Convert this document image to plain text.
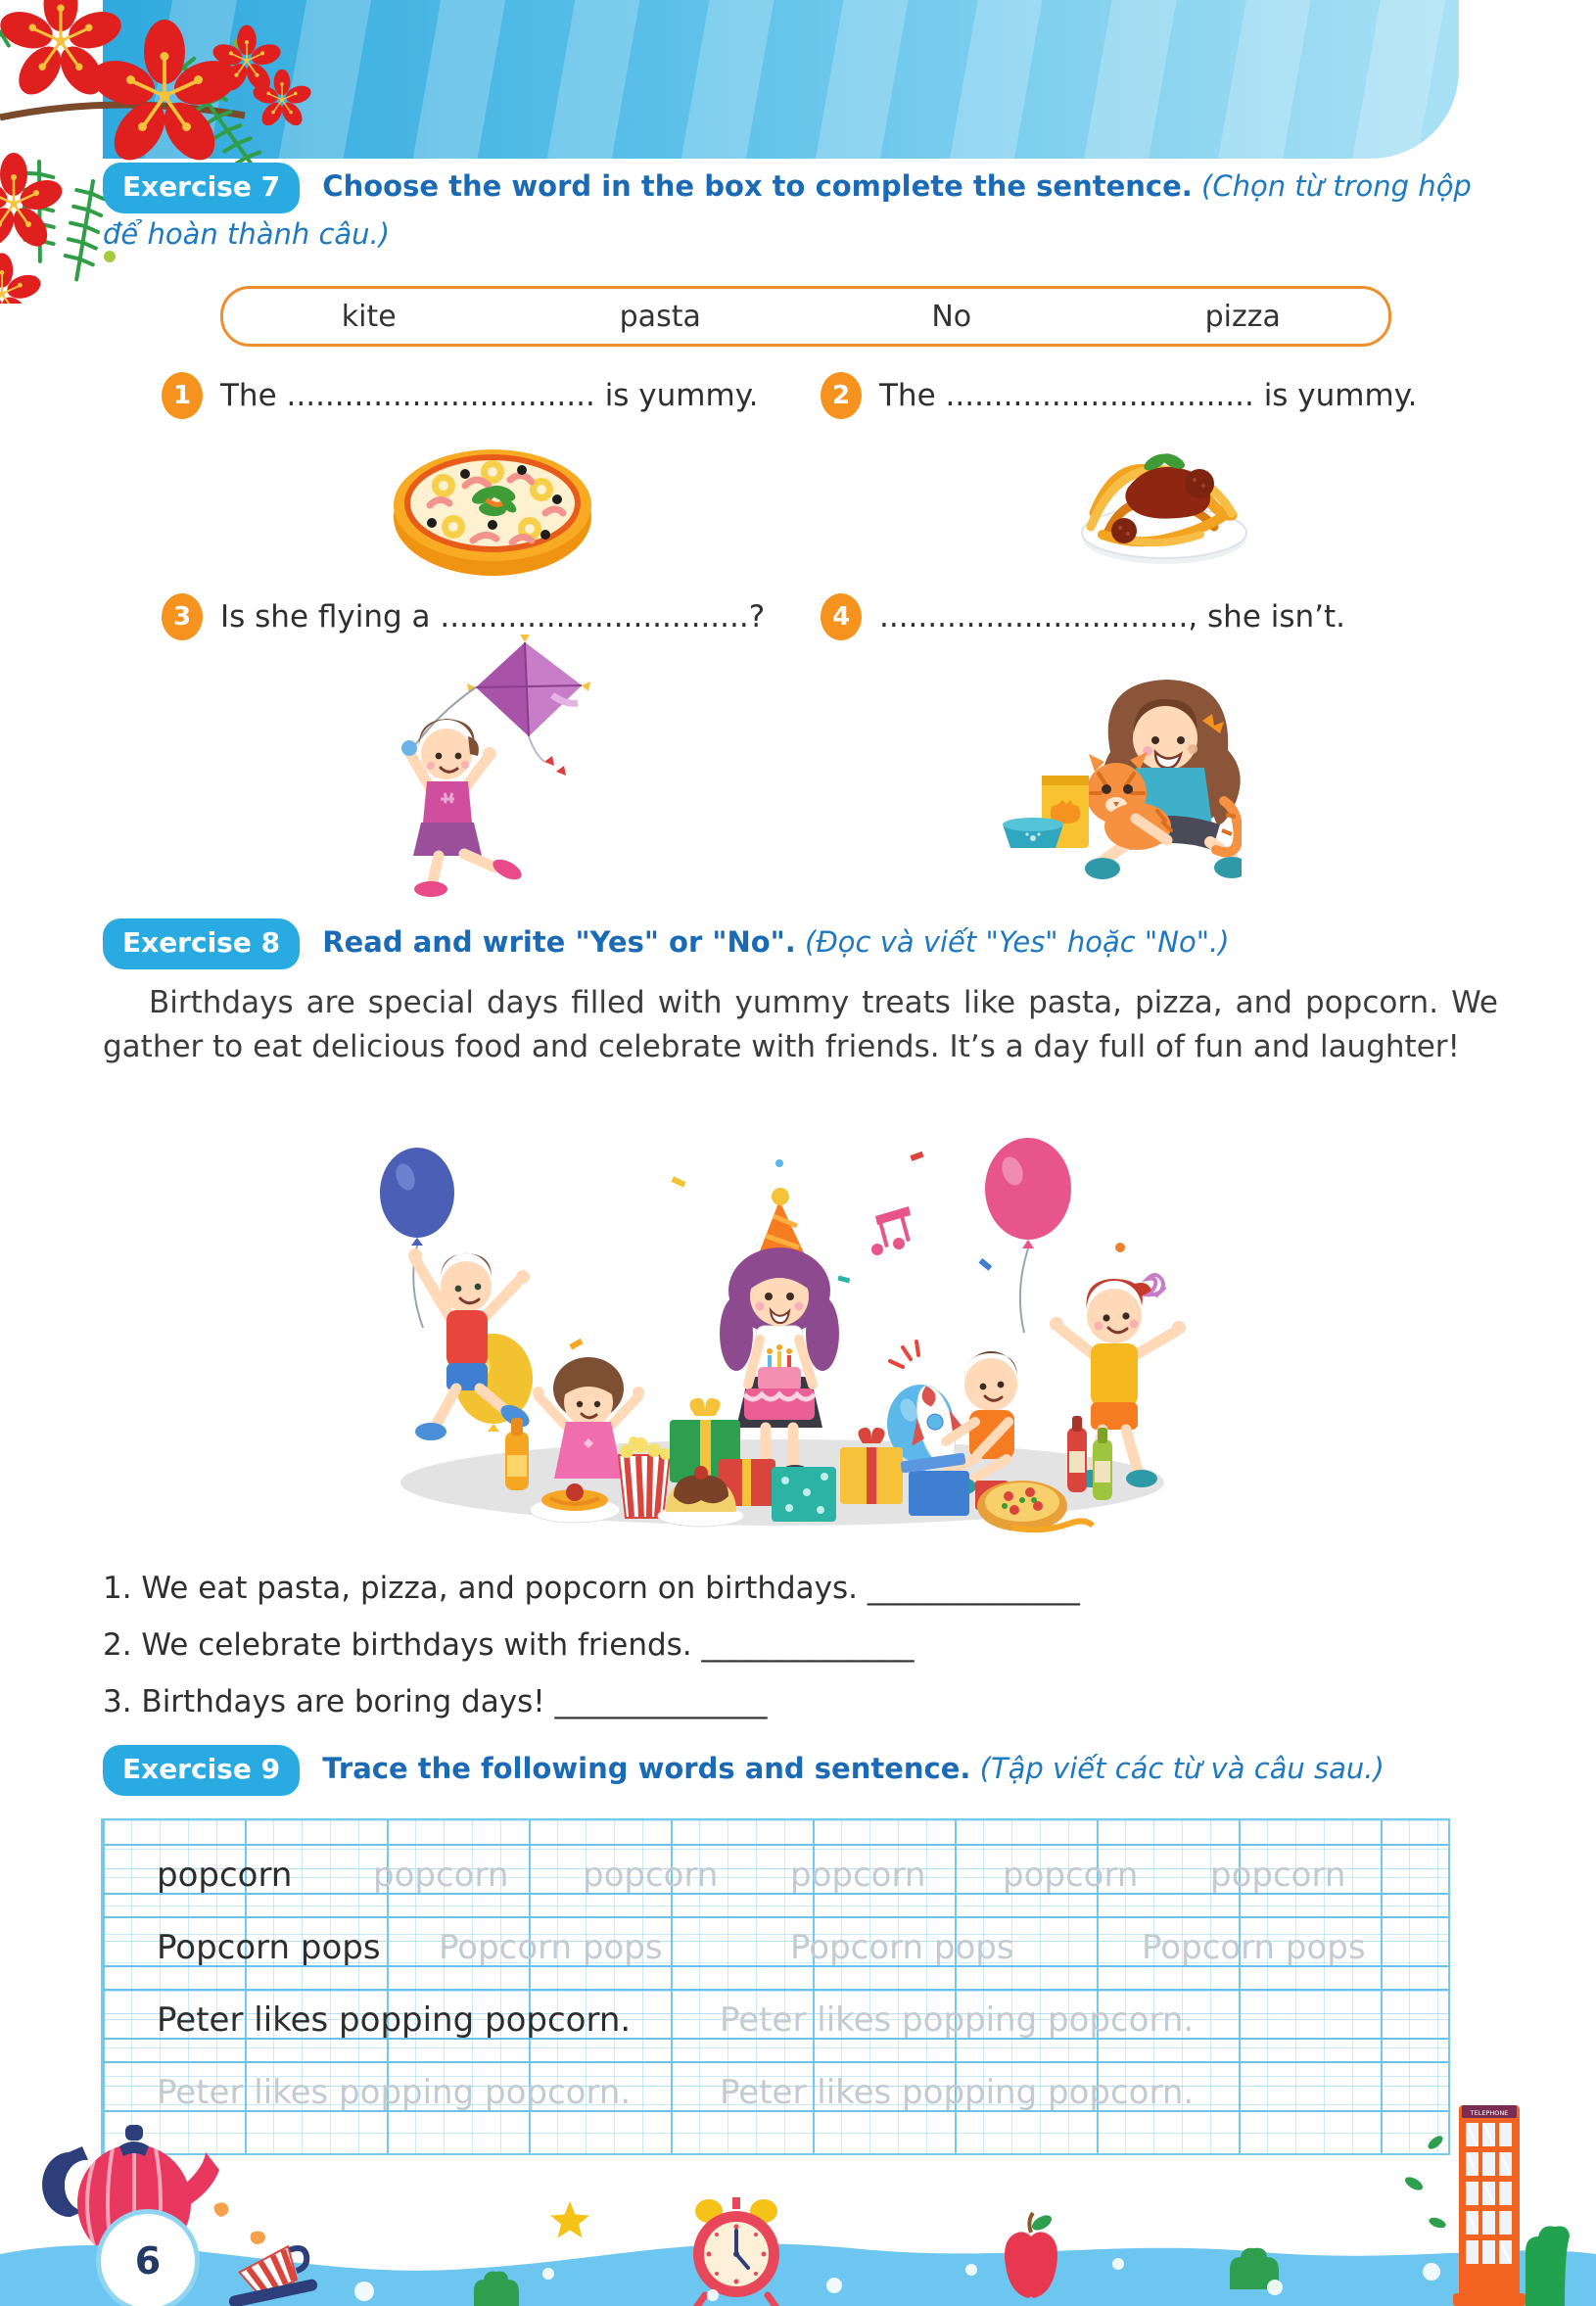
Exercise 7 Choose the word in the box to complete the sentence. (Chọn từ trong hộp để hoàn thành câu.)
kite	pasta	No	pizza
1 The ................................ is yummy.	2 The ................................ is yummy.
3 Is she flying a ................................?	4 ................................, she isn’t.
Exercise 8 Read and write "Yes" or "No". (Đọc và viết "Yes" hoặc "No".)
Birthdays are special days filled with yummy treats like pasta, pizza, and popcorn. We gather to eat delicious food and celebrate with friends. It’s a day full of fun and laughter!
1. We eat pasta, pizza, and popcorn on birthdays. ______________
2. We celebrate birthdays with friends. ______________
3. Birthdays are boring days! ______________
Exercise 9 Trace the following words and sentence. (Tập viết các từ và câu sau.)
popcorn popcorn popcorn popcorn popcorn popcorn
Popcorn pops Popcorn pops	Popcorn pops	Popcorn pops
Peter likes popping popcorn.	Peter likes popping popcorn.
Peter likes popping popcorn.	Peter likes popping popcorn.
6
TELEPHONE
